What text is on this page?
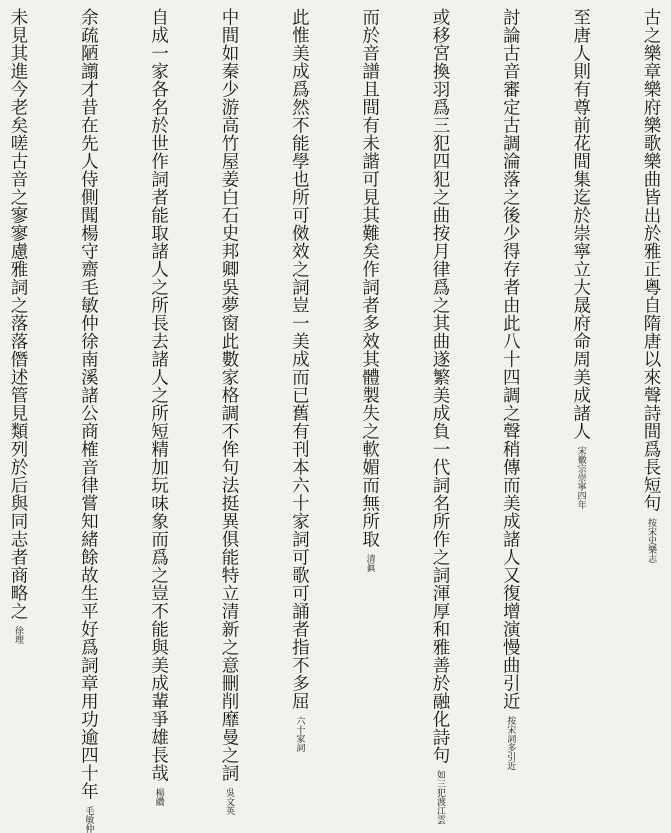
古之樂章樂府樂歌樂曲皆出於雅正粵自隋唐以來聲詩間爲長短句 按宋史樂志
至唐人則有尊前花間集迄於崇寧立大晟府命周美成諸人 宋徽宗崇寧四年
討論古音審定古調淪落之後少得存者由此八十四調之聲稍傳而美成諸人又復增演慢曲引近 按宋詞多引近
或移宮換羽爲三犯四犯之曲按月律爲之其曲遂繁美成負一代詞名所作之詞渾厚和雅善於融化詩句 如三犯渡江雲
而於音譜且間有未諧可見其難矣作詞者多效其體製失之軟媚而無所取 清眞
此惟美成爲然不能學也所可傚效之詞豈一美成而已舊有刊本六十家詞可歌可誦者指不多屈 六十家詞
中間如秦少游高竹屋姜白石史邦卿吳夢窗此數家格調不侔句法挺異俱能特立清新之意刪削靡曼之詞 吳文英
自成一家各名於世作詞者能取諸人之所長去諸人之所短精加玩味象而爲之豈不能與美成輩爭雄長哉 楊纘
余疏陋譾才昔在先人侍側聞楊守齋毛敏仲徐南溪諸公商榷音律嘗知緒餘故生平好爲詞章用功逾四十年 毛敏仲
未見其進今老矣嗟古音之寥寥慮雅詞之落落僭述管見類列於后與同志者商略之 徐理
